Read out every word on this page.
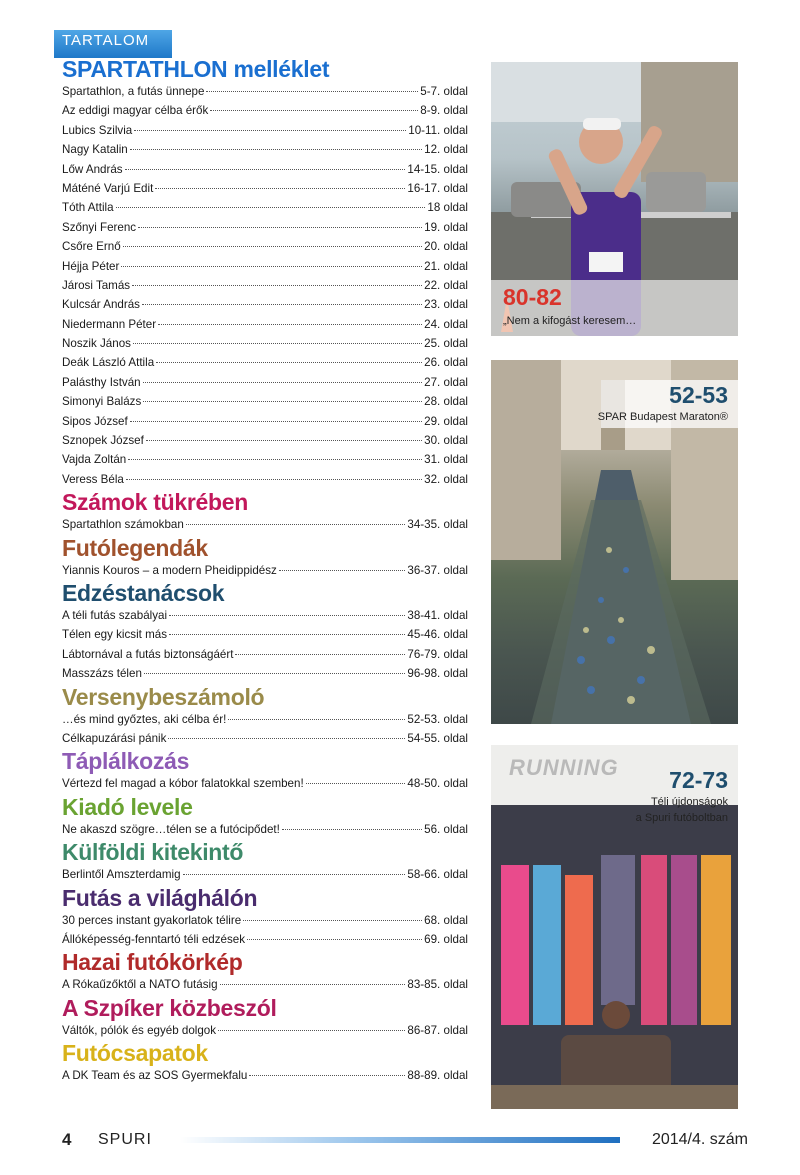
TARTALOM
SPARTATHLON melléklet
Spartathlon, a futás ünnepe	5-7. oldal
Az eddigi magyar célba érők	8-9. oldal
Lubics Szilvia	10-11. oldal
Nagy Katalin	12. oldal
Lőw András	14-15. oldal
Máténé Varjú Edit	16-17. oldal
Tóth Attila	18 oldal
Szőnyi Ferenc	19. oldal
Csőre Ernő	20. oldal
Héjja Péter	21. oldal
Járosi Tamás	22. oldal
Kulcsár András	23. oldal
Niedermann Péter	24. oldal
Noszik János	25. oldal
Deák László Attila	26. oldal
Palásthy István	27. oldal
Simonyi Balázs	28. oldal
Sipos József	29. oldal
Sznopek József	30. oldal
Vajda Zoltán	31. oldal
Veress Béla	32. oldal
Számok tükrében
Spartathlon számokban	34-35. oldal
Futólegendák
Yiannis Kouros – a modern Pheidippidész	36-37. oldal
Edzéstanácsok
A téli futás szabályai	38-41. oldal
Télen egy kicsit más	45-46. oldal
Lábtornával a futás biztonságáért	76-79. oldal
Masszázs télen	96-98. oldal
Versenybeszámoló
…és mind győztes, aki célba ér!	52-53. oldal
Célkapuzárási pánik	54-55. oldal
Táplálkozás
Vértezd fel magad a kóbor falatokkal szemben!	48-50. oldal
Kiadó levele
Ne akaszd szögre…télen se a futócipődet!	56. oldal
Külföldi kitekintő
Berlintől Amszterdamig	58-66. oldal
Futás a világhálón
30 perces instant gyakorlatok télire	68. oldal
Állóképesség-fenntartó téli edzések	69. oldal
Hazai futókörkép
A Rókaűzőktől a NATO futásig	83-85. oldal
A Szpíker közbeszól
Váltók, pólók és egyéb dolgok	86-87. oldal
Futócsapatok
A DK Team és az SOS Gyermekfalu	88-89. oldal
80-82
„Nem a kifogást keresem…
52-53
SPAR Budapest Maraton®
RUNNING 72-73
Téli újdonságok
a Spuri futóboltban
4 SPURI	2014/4. szám
